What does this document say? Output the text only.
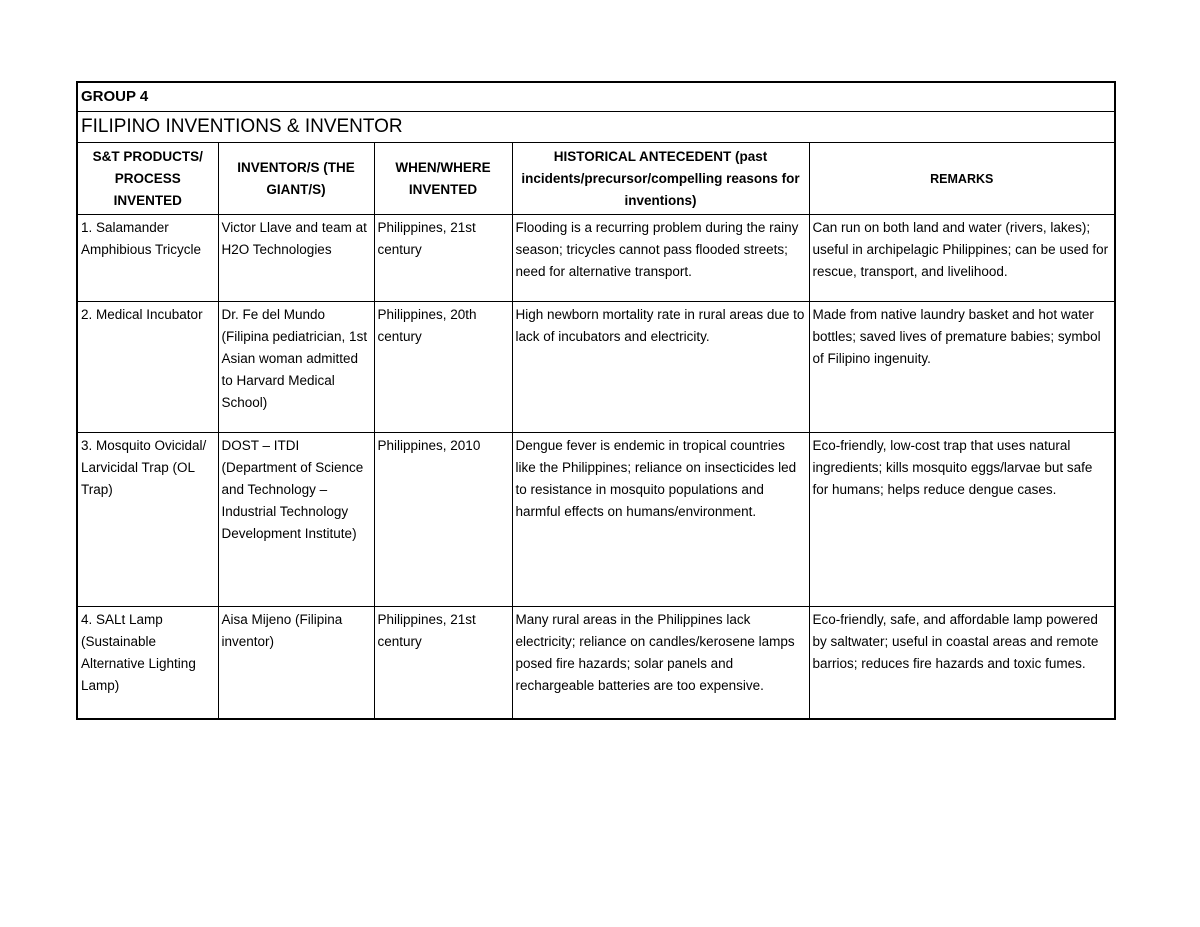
GROUP 4				
FILIPINO INVENTIONS & INVENTOR				
S&T PRODUCTS/ PROCESS INVENTED	INVENTOR/S (THE GIANT/S)	WHEN/WHERE INVENTED	HISTORICAL ANTECEDENT (past incidents/precursor/compelling reasons for inventions)	REMARKS
1. Salamander Amphibious Tricycle	Victor Llave and team at H2O Technologies	Philippines, 21st century	Flooding is a recurring problem during the rainy season; tricycles cannot pass flooded streets; need for alternative transport.	Can run on both land and water (rivers, lakes); useful in archipelagic Philippines; can be used for rescue, transport, and livelihood.
2. Medical Incubator	Dr. Fe del Mundo (Filipina pediatrician, 1st Asian woman admitted to Harvard Medical School)	Philippines, 20th century	High newborn mortality rate in rural areas due to lack of incubators and electricity.	Made from native laundry basket and hot water bottles; saved lives of premature babies; symbol of Filipino ingenuity.
3. Mosquito Ovicidal/ Larvicidal Trap (OL Trap)	DOST – ITDI (Department of Science and Technology – Industrial Technology Development Institute)	Philippines, 2010	Dengue fever is endemic in tropical countries like the Philippines; reliance on insecticides led to resistance in mosquito populations and harmful effects on humans/environment.	Eco-friendly, low-cost trap that uses natural ingredients; kills mosquito eggs/larvae but safe for humans; helps reduce dengue cases.
4. SALt Lamp (Sustainable Alternative Lighting Lamp)	Aisa Mijeno (Filipina inventor)	Philippines, 21st century	Many rural areas in the Philippines lack electricity; reliance on candles/kerosene lamps posed fire hazards; solar panels and rechargeable batteries are too expensive.	Eco-friendly, safe, and affordable lamp powered by saltwater; useful in coastal areas and remote barrios; reduces fire hazards and toxic fumes.
